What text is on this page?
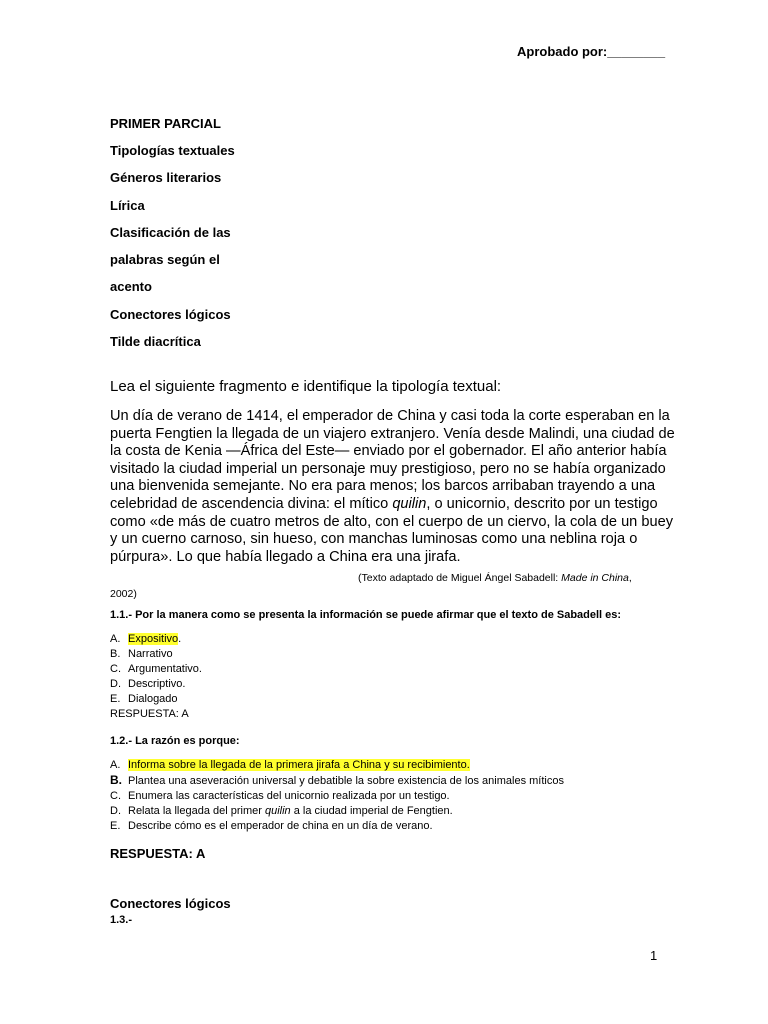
Aprobado por:________
PRIMER PARCIAL
Tipologías textuales
Géneros literarios
Lírica
Clasificación de las
palabras según el
acento
Conectores lógicos
Tilde diacrítica
Lea el siguiente fragmento e identifique la tipología textual:
Un día de verano de 1414, el emperador de China y casi toda la corte esperaban en la
puerta Fengtien la llegada de un viajero extranjero. Venía desde Malindi, una ciudad de
la costa de Kenia —África del Este— enviado por el gobernador. El año anterior había
visitado la ciudad imperial un personaje muy prestigioso, pero no se había organizado
una bienvenida semejante. No era para menos; los barcos arribaban trayendo a una
celebridad de ascendencia divina: el mítico quilin, o unicornio, descrito por un testigo
como «de más de cuatro metros de alto, con el cuerpo de un ciervo, la cola de un buey
y un cuerno carnoso, sin hueso, con manchas luminosas como una neblina roja o
púrpura». Lo que había llegado a China era una jirafa.
(Texto adaptado de Miguel Ángel Sabadell: Made in China,
2002)
1.1.- Por la manera como se presenta la información se puede afirmar que el texto de Sabadell es:
A. Expositivo.
B. Narrativo
C. Argumentativo.
D. Descriptivo.
E. Dialogado
RESPUESTA: A
1.2.- La razón es porque:
A. Informa sobre la llegada de la primera jirafa a China y su recibimiento.
B. Plantea una aseveración universal y debatible la sobre existencia de los animales míticos
C. Enumera las características del unicornio realizada por un testigo.
D. Relata la llegada del primer quilin a la ciudad imperial de Fengtien.
E. Describe cómo es el emperador de china en un día de verano.
RESPUESTA: A
Conectores lógicos
1.3.-
1
